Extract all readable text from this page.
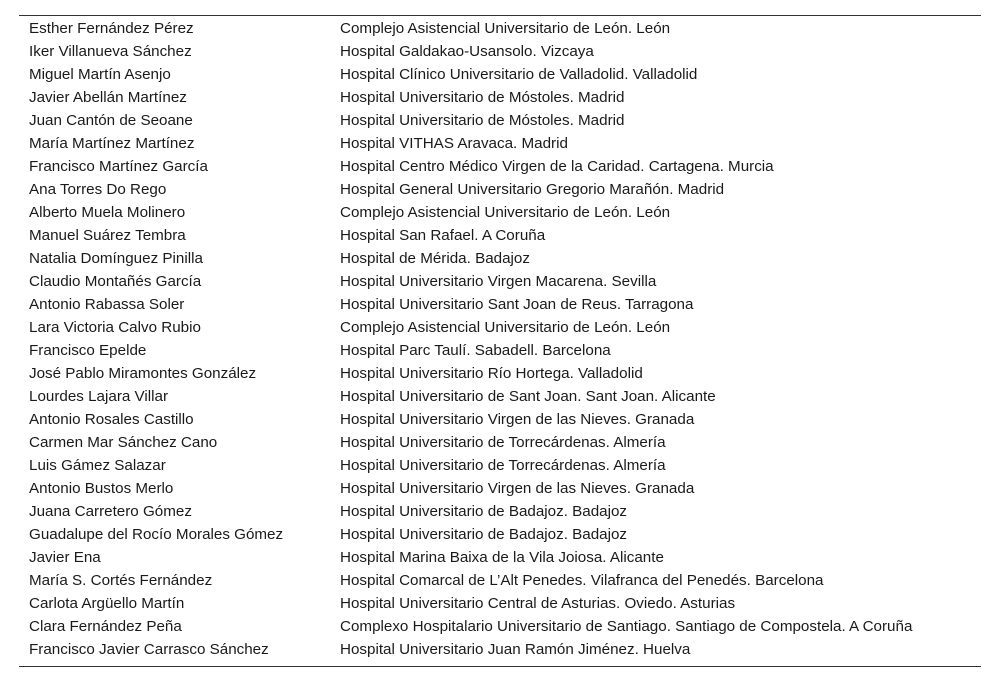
Esther Fernández Pérez	Complejo Asistencial Universitario de León. León
Iker Villanueva Sánchez	Hospital Galdakao-Usansolo. Vizcaya
Miguel Martín Asenjo	Hospital Clínico Universitario de Valladolid. Valladolid
Javier Abellán Martínez	Hospital Universitario de Móstoles. Madrid
Juan Cantón de Seoane	Hospital Universitario de Móstoles. Madrid
María Martínez Martínez	Hospital VITHAS Aravaca. Madrid
Francisco Martínez García	Hospital Centro Médico Virgen de la Caridad. Cartagena. Murcia
Ana Torres Do Rego	Hospital General Universitario Gregorio Marañón. Madrid
Alberto Muela Molinero	Complejo Asistencial Universitario de León. León
Manuel Suárez Tembra	Hospital San Rafael. A Coruña
Natalia Domínguez Pinilla	Hospital de Mérida. Badajoz
Claudio Montañés García	Hospital Universitario Virgen Macarena. Sevilla
Antonio Rabassa Soler	Hospital Universitario Sant Joan de Reus. Tarragona
Lara Victoria Calvo Rubio	Complejo Asistencial Universitario de León. León
Francisco Epelde	Hospital Parc Taulí. Sabadell. Barcelona
José Pablo Miramontes González	Hospital Universitario Río Hortega. Valladolid
Lourdes Lajara Villar	Hospital Universitario de Sant Joan. Sant Joan. Alicante
Antonio Rosales Castillo	Hospital Universitario Virgen de las Nieves. Granada
Carmen Mar Sánchez Cano	Hospital Universitario de Torrecárdenas. Almería
Luis Gámez Salazar	Hospital Universitario de Torrecárdenas. Almería
Antonio Bustos Merlo	Hospital Universitario Virgen de las Nieves. Granada
Juana Carretero Gómez	Hospital Universitario de Badajoz. Badajoz
Guadalupe del Rocío Morales Gómez	Hospital Universitario de Badajoz. Badajoz
Javier Ena	Hospital Marina Baixa de la Vila Joiosa. Alicante
María S. Cortés Fernández	Hospital Comarcal de L’Alt Penedes. Vilafranca del Penedés. Barcelona
Carlota Argüello Martín	Hospital Universitario Central de Asturias. Oviedo. Asturias
Clara Fernández Peña	Complexo Hospitalario Universitario de Santiago. Santiago de Compostela. A Coruña
Francisco Javier Carrasco Sánchez	Hospital Universitario Juan Ramón Jiménez. Huelva
